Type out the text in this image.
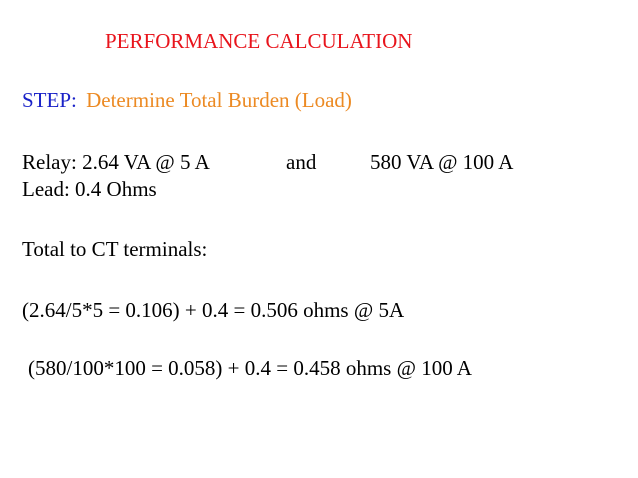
PERFORMANCE CALCULATION
STEP: Determine Total Burden (Load)
Relay: 2.64 VA @ 5 A	and	580 VA @ 100 A
Lead: 0.4 Ohms
Total to CT terminals:
(2.64/5*5 = 0.106) + 0.4 = 0.506 ohms @ 5A
(580/100*100 = 0.058) + 0.4 = 0.458 ohms @ 100 A
